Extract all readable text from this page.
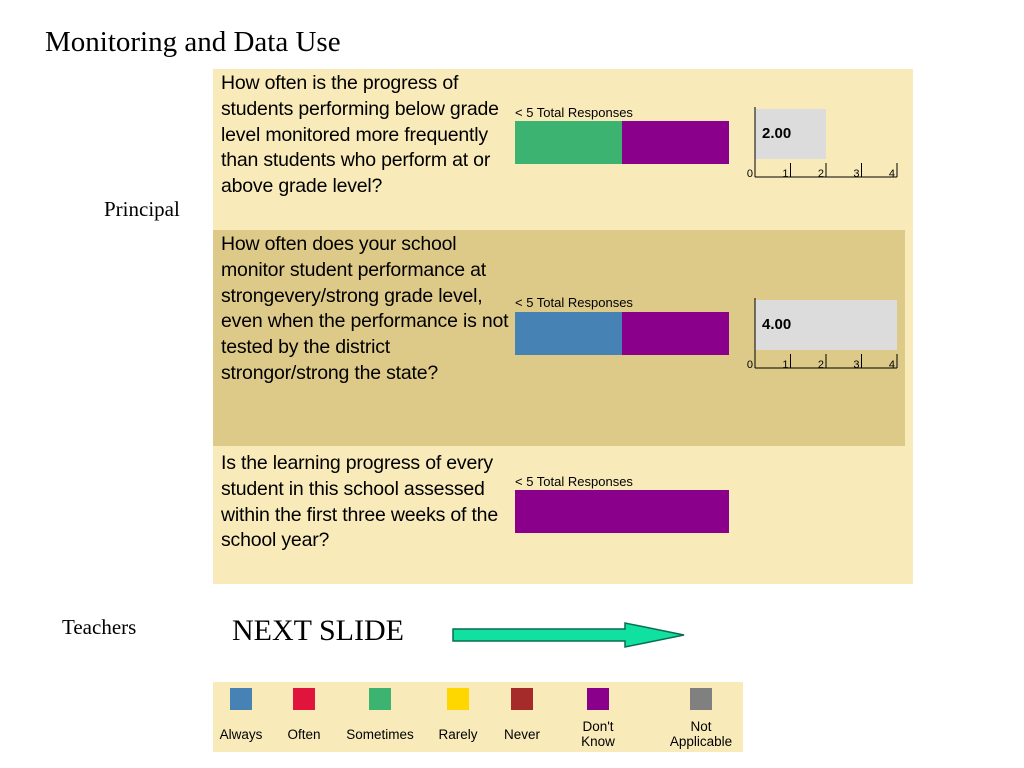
Monitoring and Data Use
How often is the progress of students performing below grade level monitored more frequently than students who perform at or above grade level?
< 5 Total Responses
2.00
0	1	2	3	4
How often does your school monitor student performance at strongevery/strong grade level, even when the performance is not tested by the district strongor/strong the state?
< 5 Total Responses
4.00
0	1	2	3	4
Is the learning progress of every student in this school assessed within the first three weeks of the school year?
< 5 Total Responses
Principal
Teachers	NEXT SLIDE
Always Often Sometimes Rarely Never
Don't
Know
Not
Applicable
